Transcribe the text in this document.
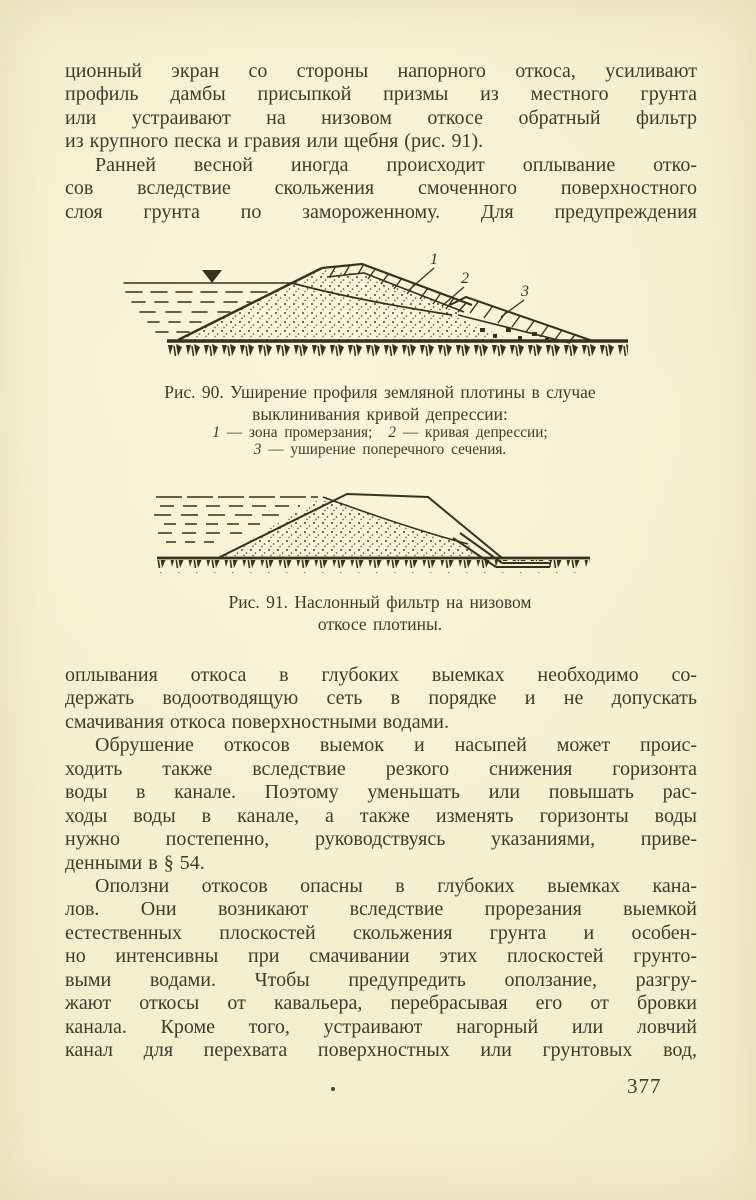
ционный экран со стороны напорного откоса, усиливают
профиль дамбы присыпкой призмы из местного грунта
или устраивают на низовом откосе обратный фильтр
из крупного песка и гравия или щебня (рис. 91).
Ранней весной иногда происходит оплывание отко-
сов вследствие скольжения смоченного поверхностного
слоя грунта по замороженному. Для предупреждения
1
2
3
Рис. 90. Уширение профиля земляной плотины в случае
выклинивания кривой депрессии:
1 — зона промерзания; 2 — кривая депрессии;
3 — уширение поперечного сечения.
Рис. 91. Наслонный фильтр на низовом
откосе плотины.
оплывания откоса в глубоких выемках необходимо со-
держать водоотводящую сеть в порядке и не допускать
смачивания откоса поверхностными водами.
Обрушение откосов выемок и насыпей может проис-
ходить также вследствие резкого снижения горизонта
воды в канале. Поэтому уменьшать или повышать рас-
ходы воды в канале, а также изменять горизонты воды
нужно постепенно, руководствуясь указаниями, приве-
денными в § 54.
Оползни откосов опасны в глубоких выемках кана-
лов. Они возникают вследствие прорезания выемкой
естественных плоскостей скольжения грунта и особен-
но интенсивны при смачивании этих плоскостей грунто-
выми водами. Чтобы предупредить оползание, разгру-
жают откосы от кавальера, перебрасывая его от бровки
канала. Кроме того, устраивают нагорный или ловчий
канал для перехвата поверхностных или грунтовых вод,
377
